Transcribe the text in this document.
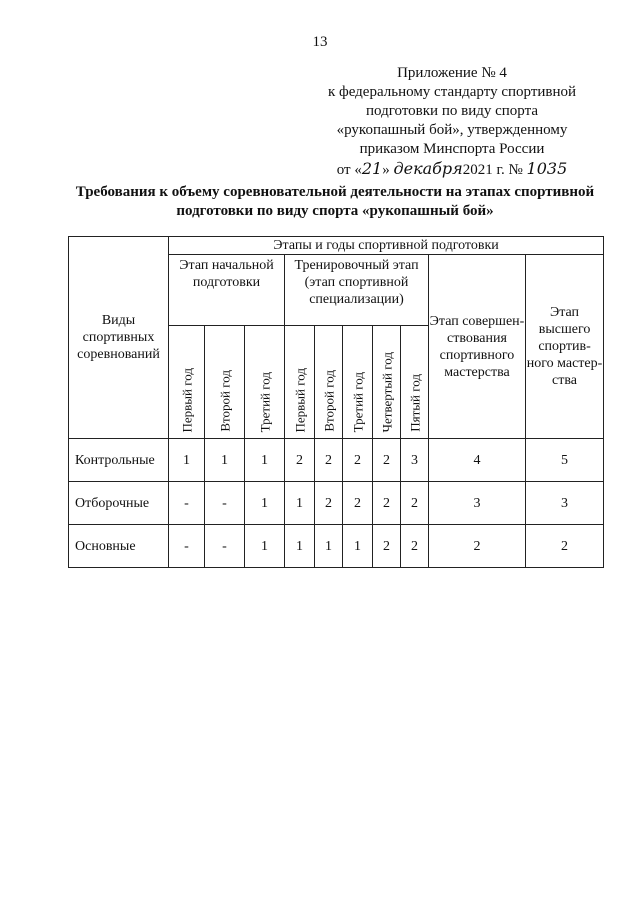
13
Приложение № 4
к федеральному стандарту спортивной
подготовки по виду спорта
«рукопашный бой», утвержденному
приказом Минспорта России
от «21» декабря2021 г. № 1035
Требования к объему соревновательной деятельности на этапах спортивной
подготовки по виду спорта «рукопашный бой»
Виды спортивных соревнований	Этапы и годы спортивной подготовки									
	Этап начальной подготовки			Тренировочный этап (этап спортивной специализации)					Этап совершен-ствования спортивного мастерства	Этап высшего спортив-ного мастер-ства

	Первый год	Второй год	Третий год	Первый год	Второй год	Третий год	Четвертый год	Пятый год		

Контрольные	1	1	1	2	2	2	2	3	4	5
Отборочные	-	-	1	1	2	2	2	2	3	3
Основные	-	-	1	1	1	1	2	2	2	2
